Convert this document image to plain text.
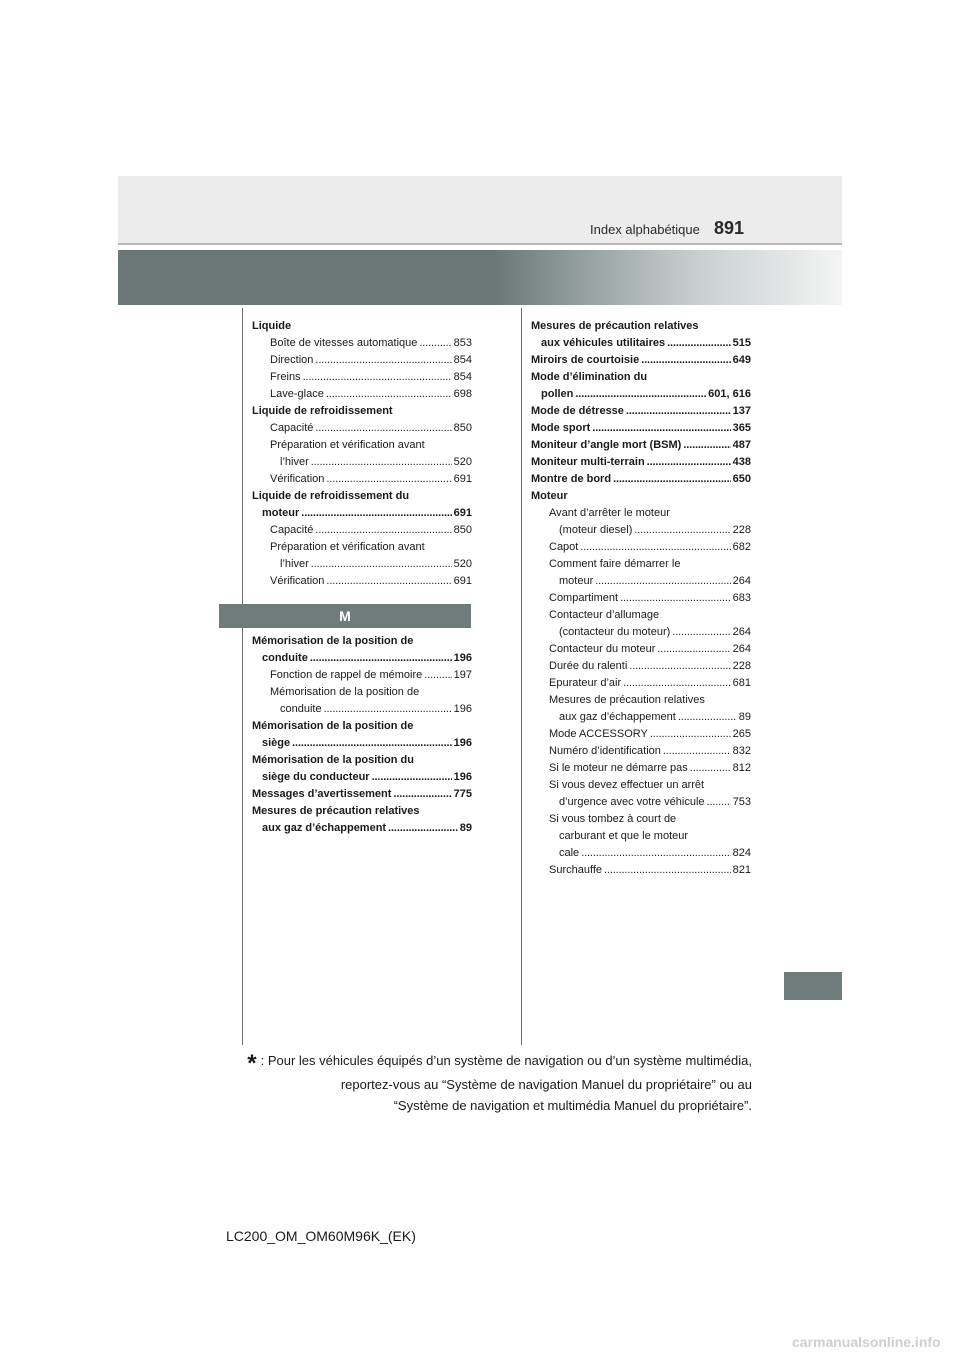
891
Index alphabétique
Liquide
Boîte de vitesses automatique . . .	853
Direction . . .	854
Freins . . .	854
Lave-glace . . .	698
Liquide de refroidissement
Capacité . . .	850
Préparation et vérification avant
l’hiver . . .	520
Vérification . . .	691
Liquide de refroidissement du
moteur . . .	691
Capacité . . .	850
Préparation et vérification avant
l’hiver . . .	520
Vérification . . .	691
M
Mémorisation de la position de
conduite . . .	196
Fonction de rappel de mémoire . . .	197
Mémorisation de la position de
conduite . . .	196
Mémorisation de la position de
siège . . .	196
Mémorisation de la position du
siège du conducteur . . .	196
Messages d’avertissement . . .	775
Mesures de précaution relatives
aux gaz d’échappement . . .	89
Mesures de précaution relatives
aux véhicules utilitaires . . .	515
Miroirs de courtoisie . . .	649
Mode d’élimination du
pollen . . .	601, 616
Mode de détresse . . .	137
Mode sport . . .	365
Moniteur d’angle mort (BSM) . . .	487
Moniteur multi-terrain . . .	438
Montre de bord . . .	650
Moteur
Avant d’arrêter le moteur
(moteur diesel) . . .	228
Capot . . .	682
Comment faire démarrer le
moteur . . .	264
Compartiment . . .	683
Contacteur d’allumage
(contacteur du moteur) . . .	264
Contacteur du moteur . . .	264
Durée du ralenti . . .	228
Epurateur d’air . . .	681
Mesures de précaution relatives
aux gaz d’échappement . . .	89
Mode ACCESSORY . . .	265
Numéro d’identification . . .	832
Si le moteur ne démarre pas . . .	812
Si vous devez effectuer un arrêt
d’urgence avec votre véhicule . . .	753
Si vous tombez à court de
carburant et que le moteur
cale . . .	824
Surchauffe . . .	821
* : Pour les véhicules équipés d’un système de navigation ou d’un système multimédia,
reportez-vous au “Système de navigation Manuel du propriétaire” ou au
“Système de navigation et multimédia Manuel du propriétaire”.
LC200_OM_OM60M96K_(EK)
carmanualsonline.info
